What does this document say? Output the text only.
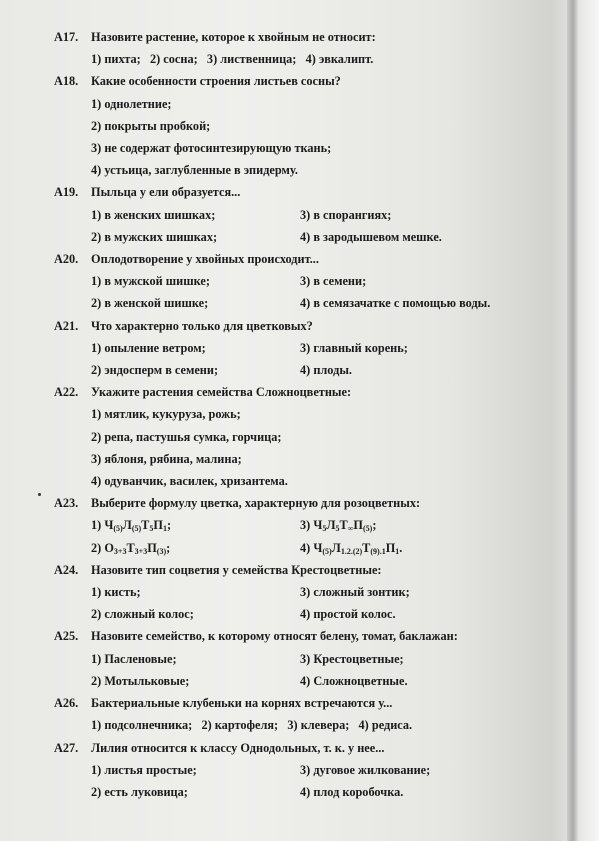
A17.	Назовите растение, которое к хвойным не относит:
1) пихта;   2) сосна;   3) лиственница;   4) эвкалипт.
A18.	Какие особенности строения листьев сосны?
1) однолетние;
2) покрыты пробкой;
3) не содержат фотосинтезирующую ткань;
4) устьица, заглубленные в эпидерму.
A19.	Пыльца у ели образуется...
1) в женских шишках;	3) в спорангиях;
2) в мужских шишках;	4) в зародышевом мешке.
A20.	Оплодотворение у хвойных происходит...
1) в мужской шишке;	3) в семени;
2) в женской шишке;	4) в семязачатке с помощью воды.
A21.	Что характерно только для цветковых?
1) опыление ветром;	3) главный корень;
2) эндосперм в семени;	4) плоды.
A22.	Укажите растения семейства Сложноцветные:
1) мятлик, кукуруза, рожь;
2) репа, пастушья сумка, горчица;
3) яблоня, рябина, малина;
4) одуванчик, василек, хризантема.
A23.	Выберите формулу цветка, характерную для розоцветных:
1) $Ч_{(5)}Л_{(5)}Т_5П_1$;	3) $Ч_5Л_5Т_\infty П_{(5)}$;
2) $О_{3+3}Т_{3+3}П_{(3)}$;	4) $Ч_{(5)}Л_{1.2.(2)}Т_{(9).1}П_1$.
A24.	Назовите тип соцветия у семейства Крестоцветные:
1) кисть;	3) сложный зонтик;
2) сложный колос;	4) простой колос.
A25.	Назовите семейство, к которому относят белену, томат, баклажан:
1) Пасленовые;	3) Крестоцветные;
2) Мотыльковые;	4) Сложноцветные.
A26.	Бактериальные клубеньки на корнях встречаются у...
1) подсолнечника;   2) картофеля;   3) клевера;   4) редиса.
A27.	Лилия относится к классу Однодольных, т. к. у нее...
1) листья простые;	3) дуговое жилкование;
2) есть луковица;	4) плод коробочка.
